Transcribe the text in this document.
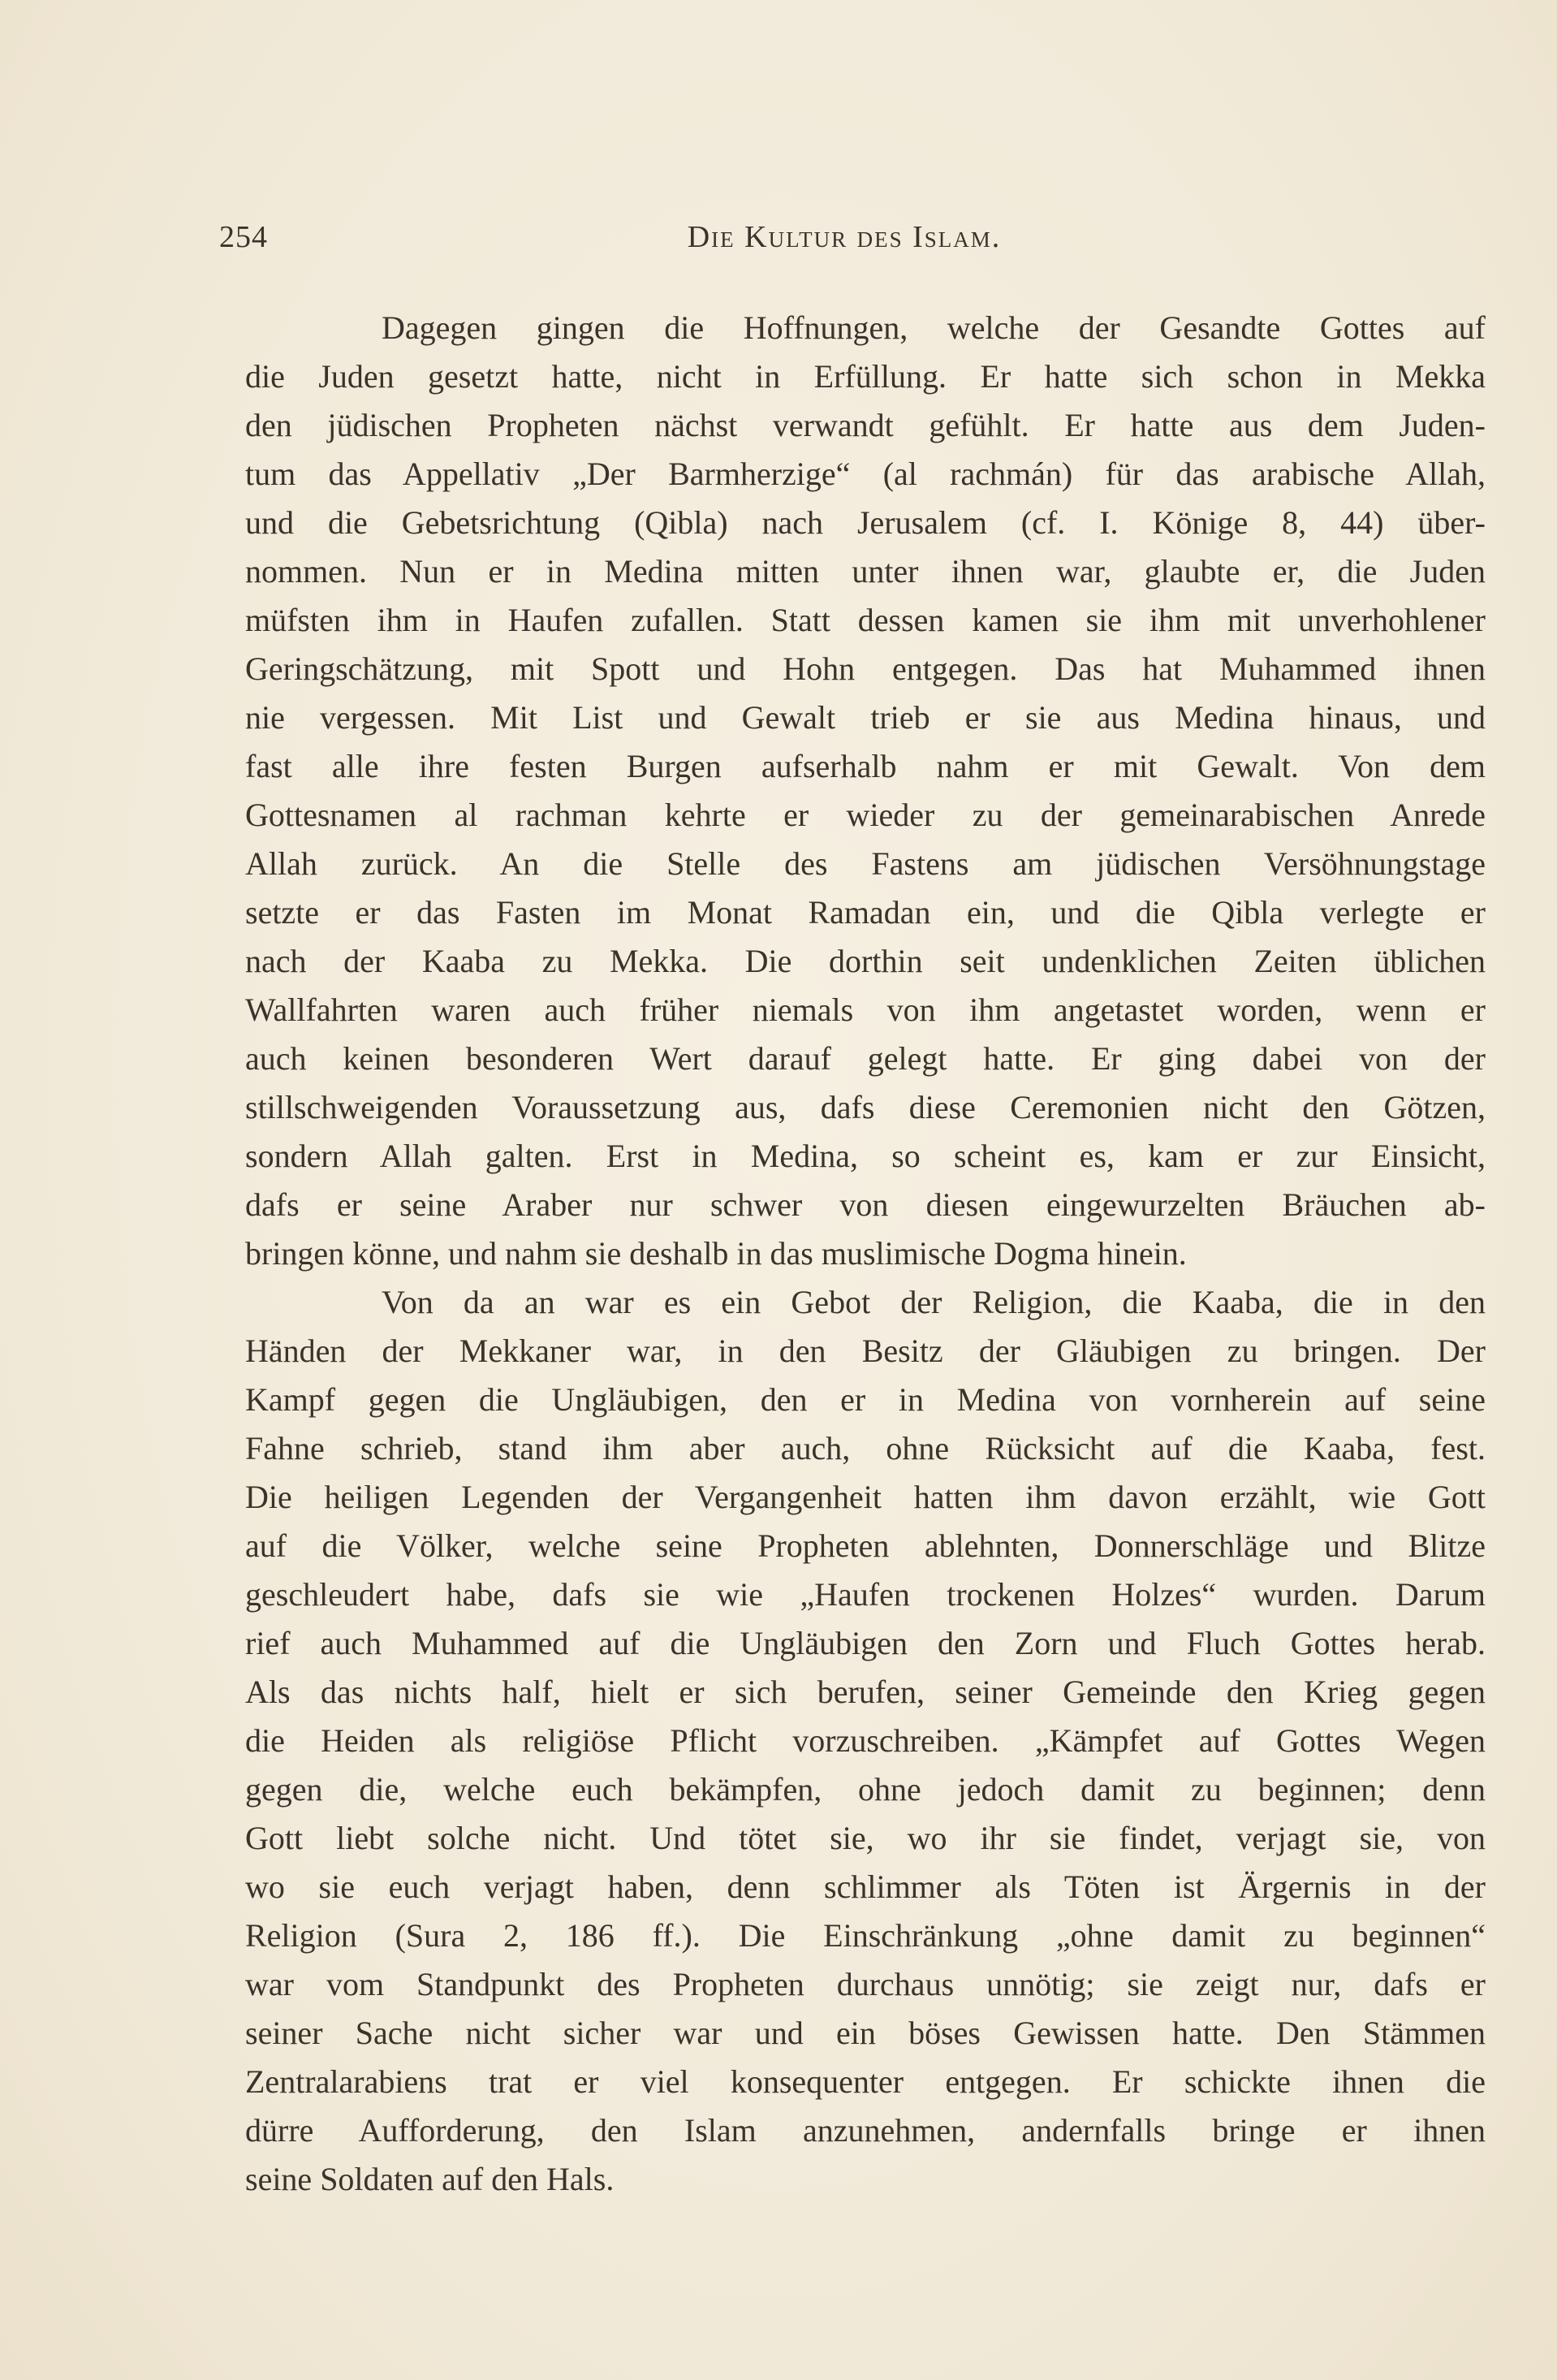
254	Die Kultur des Islam.
Dagegen gingen die Hoffnungen, welche der Gesandte Gottes auf
die Juden gesetzt hatte, nicht in Erfüllung. Er hatte sich schon in Mekka
den jüdischen Propheten nächst verwandt gefühlt. Er hatte aus dem Juden-
tum das Appellativ „Der Barmherzige“ (al rachmán) für das arabische Allah,
und die Gebetsrichtung (Qibla) nach Jerusalem (cf. I. Könige 8, 44) über-
nommen. Nun er in Medina mitten unter ihnen war, glaubte er, die Juden
müfsten ihm in Haufen zufallen. Statt dessen kamen sie ihm mit unverhohlener
Geringschätzung, mit Spott und Hohn entgegen. Das hat Muhammed ihnen
nie vergessen. Mit List und Gewalt trieb er sie aus Medina hinaus, und
fast alle ihre festen Burgen aufserhalb nahm er mit Gewalt. Von dem
Gottesnamen al rachman kehrte er wieder zu der gemeinarabischen Anrede
Allah zurück. An die Stelle des Fastens am jüdischen Versöhnungstage
setzte er das Fasten im Monat Ramadan ein, und die Qibla verlegte er
nach der Kaaba zu Mekka. Die dorthin seit undenklichen Zeiten üblichen
Wallfahrten waren auch früher niemals von ihm angetastet worden, wenn er
auch keinen besonderen Wert darauf gelegt hatte. Er ging dabei von der
stillschweigenden Voraussetzung aus, dafs diese Ceremonien nicht den Götzen,
sondern Allah galten. Erst in Medina, so scheint es, kam er zur Einsicht,
dafs er seine Araber nur schwer von diesen eingewurzelten Bräuchen ab-
bringen könne, und nahm sie deshalb in das muslimische Dogma hinein.
Von da an war es ein Gebot der Religion, die Kaaba, die in den
Händen der Mekkaner war, in den Besitz der Gläubigen zu bringen. Der
Kampf gegen die Ungläubigen, den er in Medina von vornherein auf seine
Fahne schrieb, stand ihm aber auch, ohne Rücksicht auf die Kaaba, fest.
Die heiligen Legenden der Vergangenheit hatten ihm davon erzählt, wie Gott
auf die Völker, welche seine Propheten ablehnten, Donnerschläge und Blitze
geschleudert habe, dafs sie wie „Haufen trockenen Holzes“ wurden. Darum
rief auch Muhammed auf die Ungläubigen den Zorn und Fluch Gottes herab.
Als das nichts half, hielt er sich berufen, seiner Gemeinde den Krieg gegen
die Heiden als religiöse Pflicht vorzuschreiben. „Kämpfet auf Gottes Wegen
gegen die, welche euch bekämpfen, ohne jedoch damit zu beginnen; denn
Gott liebt solche nicht. Und tötet sie, wo ihr sie findet, verjagt sie, von
wo sie euch verjagt haben, denn schlimmer als Töten ist Ärgernis in der
Religion (Sura 2, 186 ff.). Die Einschränkung „ohne damit zu beginnen“
war vom Standpunkt des Propheten durchaus unnötig; sie zeigt nur, dafs er
seiner Sache nicht sicher war und ein böses Gewissen hatte. Den Stämmen
Zentralarabiens trat er viel konsequenter entgegen. Er schickte ihnen die
dürre Aufforderung, den Islam anzunehmen, andernfalls bringe er ihnen
seine Soldaten auf den Hals.
